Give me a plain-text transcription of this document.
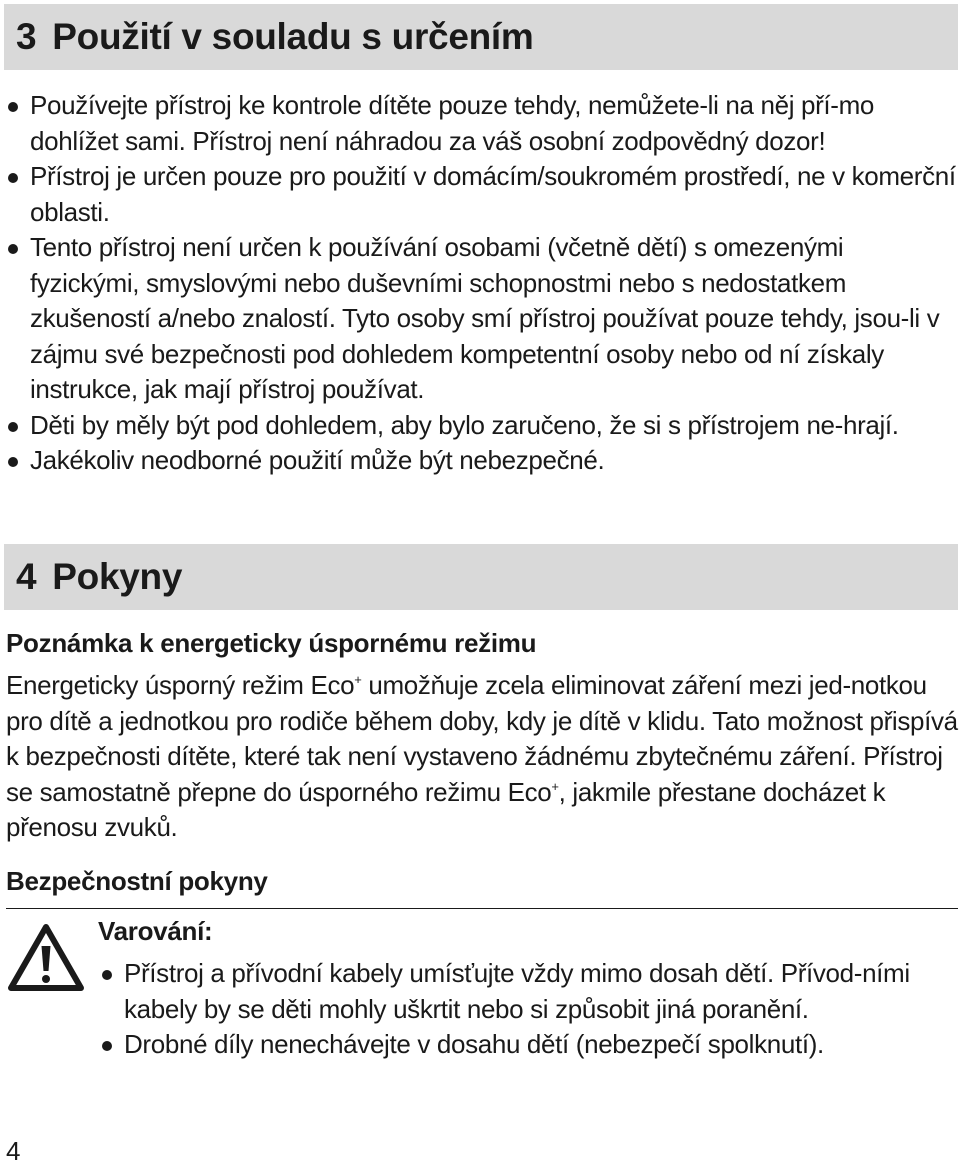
3 Použití v souladu s určením
Používejte přístroj ke kontrole dítěte pouze tehdy, nemůžete-li na něj pří-mo dohlížet sami. Přístroj není náhradou za váš osobní zodpovědný dozor!
Přístroj je určen pouze pro použití v domácím/soukromém prostředí, ne v komerční oblasti.
Tento přístroj není určen k používání osobami (včetně dětí) s omezenými fyzickými, smyslovými nebo duševními schopnostmi nebo s nedostatkem zkušeností a/nebo znalostí. Tyto osoby smí přístroj používat pouze tehdy, jsou-li v zájmu své bezpečnosti pod dohledem kompetentní osoby nebo od ní získaly instrukce, jak mají přístroj používat.
Děti by měly být pod dohledem, aby bylo zaručeno, že si s přístrojem ne-hrají.
Jakékoliv neodborné použití může být nebezpečné.
4 Pokyny
Poznámka k energeticky úspornému režimu

Energeticky úsporný režim Eco+ umožňuje zcela eliminovat záření mezi jed-notkou pro dítě a jednotkou pro rodiče během doby, kdy je dítě v klidu. Tato možnost přispívá k bezpečnosti dítěte, které tak není vystaveno žádnému zbytečnému záření. Přístroj se samostatně přepne do úsporného režimu Eco+, jakmile přestane docházet k přenosu zvuků.

Bezpečnostní pokyny
Varování:
Přístroj a přívodní kabely umísťujte vždy mimo dosah dětí. Přívod-ními kabely by se děti mohly uškrtit nebo si způsobit jiná poranění.
Drobné díly nenechávejte v dosahu dětí (nebezpečí spolknutí).
4
